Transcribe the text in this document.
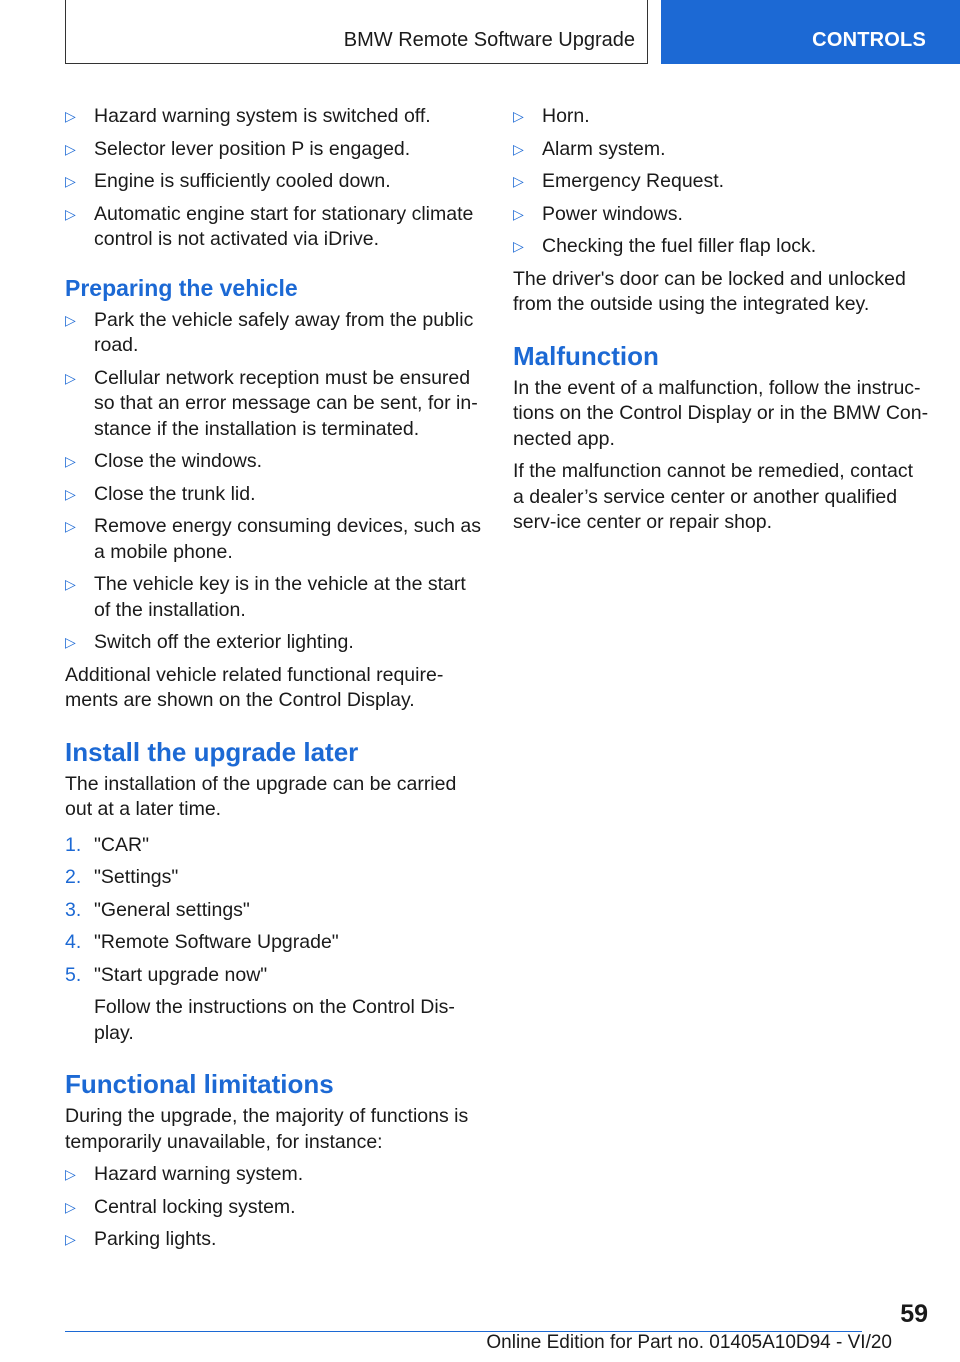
BMW Remote Software Upgrade	CONTROLS
▷ Hazard warning system is switched off.
▷ Selector lever position P is engaged.
▷ Engine is sufficiently cooled down.
▷ Automatic engine start for stationary climate control is not activated via iDrive.
Preparing the vehicle
▷ Park the vehicle safely away from the public road.
▷ Cellular network reception must be ensured so that an error message can be sent, for in-stance if the installation is terminated.
▷ Close the windows.
▷ Close the trunk lid.
▷ Remove energy consuming devices, such as a mobile phone.
▷ The vehicle key is in the vehicle at the start of the installation.
▷ Switch off the exterior lighting.

Additional vehicle related functional require-ments are shown on the Control Display.

Install the upgrade later

The installation of the upgrade can be carried out at a later time.

1. "CAR"
2. "Settings"
3. "General settings"
4. "Remote Software Upgrade"
5. "Start upgrade now"

Follow the instructions on the Control Dis-play.

Functional limitations

During the upgrade, the majority of functions is temporarily unavailable, for instance:

▷ Hazard warning system.
▷ Central locking system.
▷ Parking lights.
▷ Horn.
▷ Alarm system.
▷ Emergency Request.
▷ Power windows.
▷ Checking the fuel filler flap lock.

The driver's door can be locked and unlocked from the outside using the integrated key.

Malfunction

In the event of a malfunction, follow the instruc-tions on the Control Display or in the BMW Con-nected app.

If the malfunction cannot be remedied, contact a dealer’s service center or another qualified serv-ice center or repair shop.

59
Online Edition for Part no. 01405A10D94 - VI/20
